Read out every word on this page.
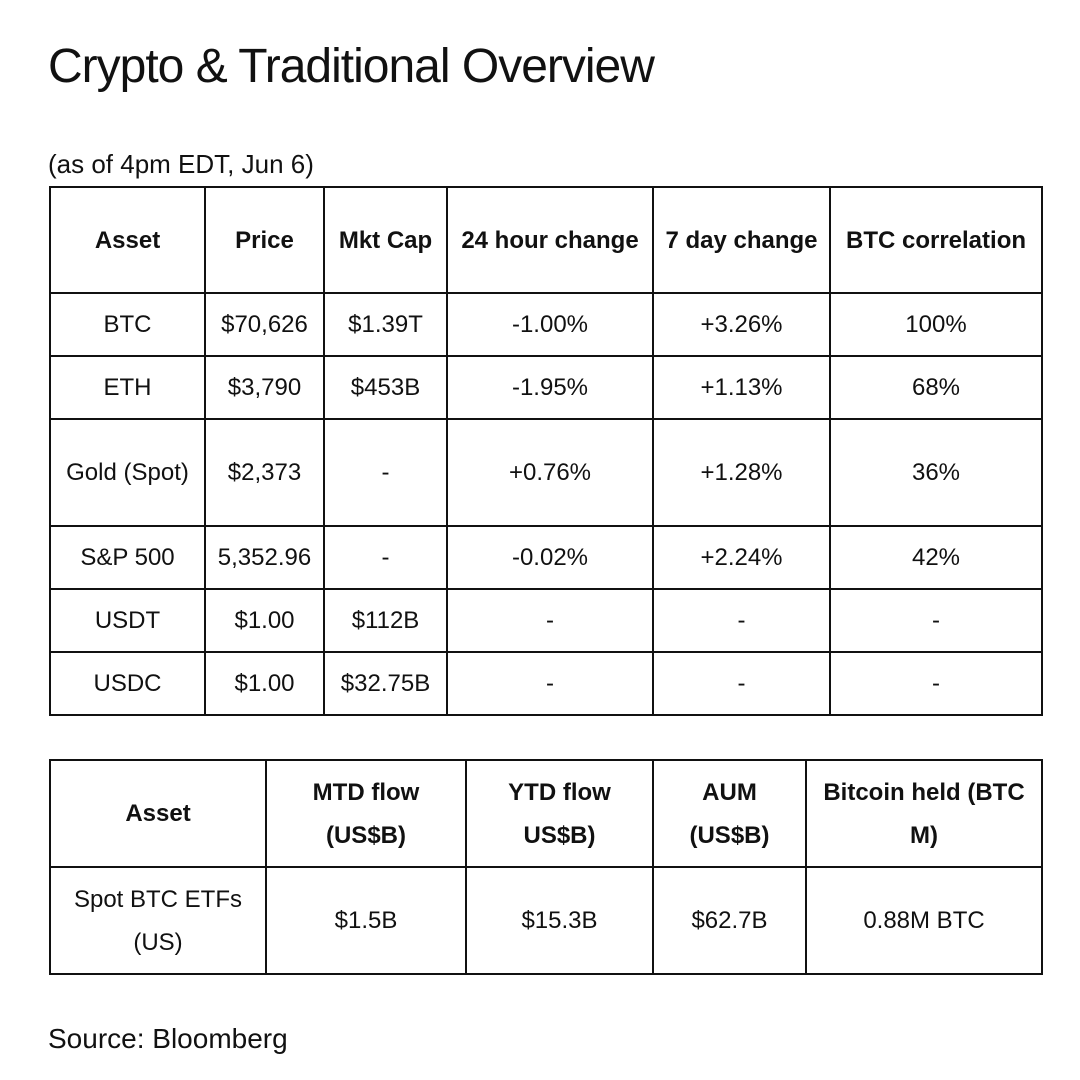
Crypto & Traditional Overview
(as of 4pm EDT, Jun 6)
Asset	Price	Mkt Cap	24 hour change	7 day change	BTC correlation
BTC	$70,626	$1.39T	-1.00%	+3.26%	100%
ETH	$3,790	$453B	-1.95%	+1.13%	68%
Gold (Spot)	$2,373	-	+0.76%	+1.28%	36%
S&P 500	5,352.96	-	-0.02%	+2.24%	42%
USDT	$1.00	$112B	-	-	-
USDC	$1.00	$32.75B	-	-	-
Asset	MTD flow (US$B)	YTD flow US$B)	AUM (US$B)	Bitcoin held (BTC M)
Spot BTC ETFs (US)	$1.5B	$15.3B	$62.7B	0.88M BTC
Source: Bloomberg
